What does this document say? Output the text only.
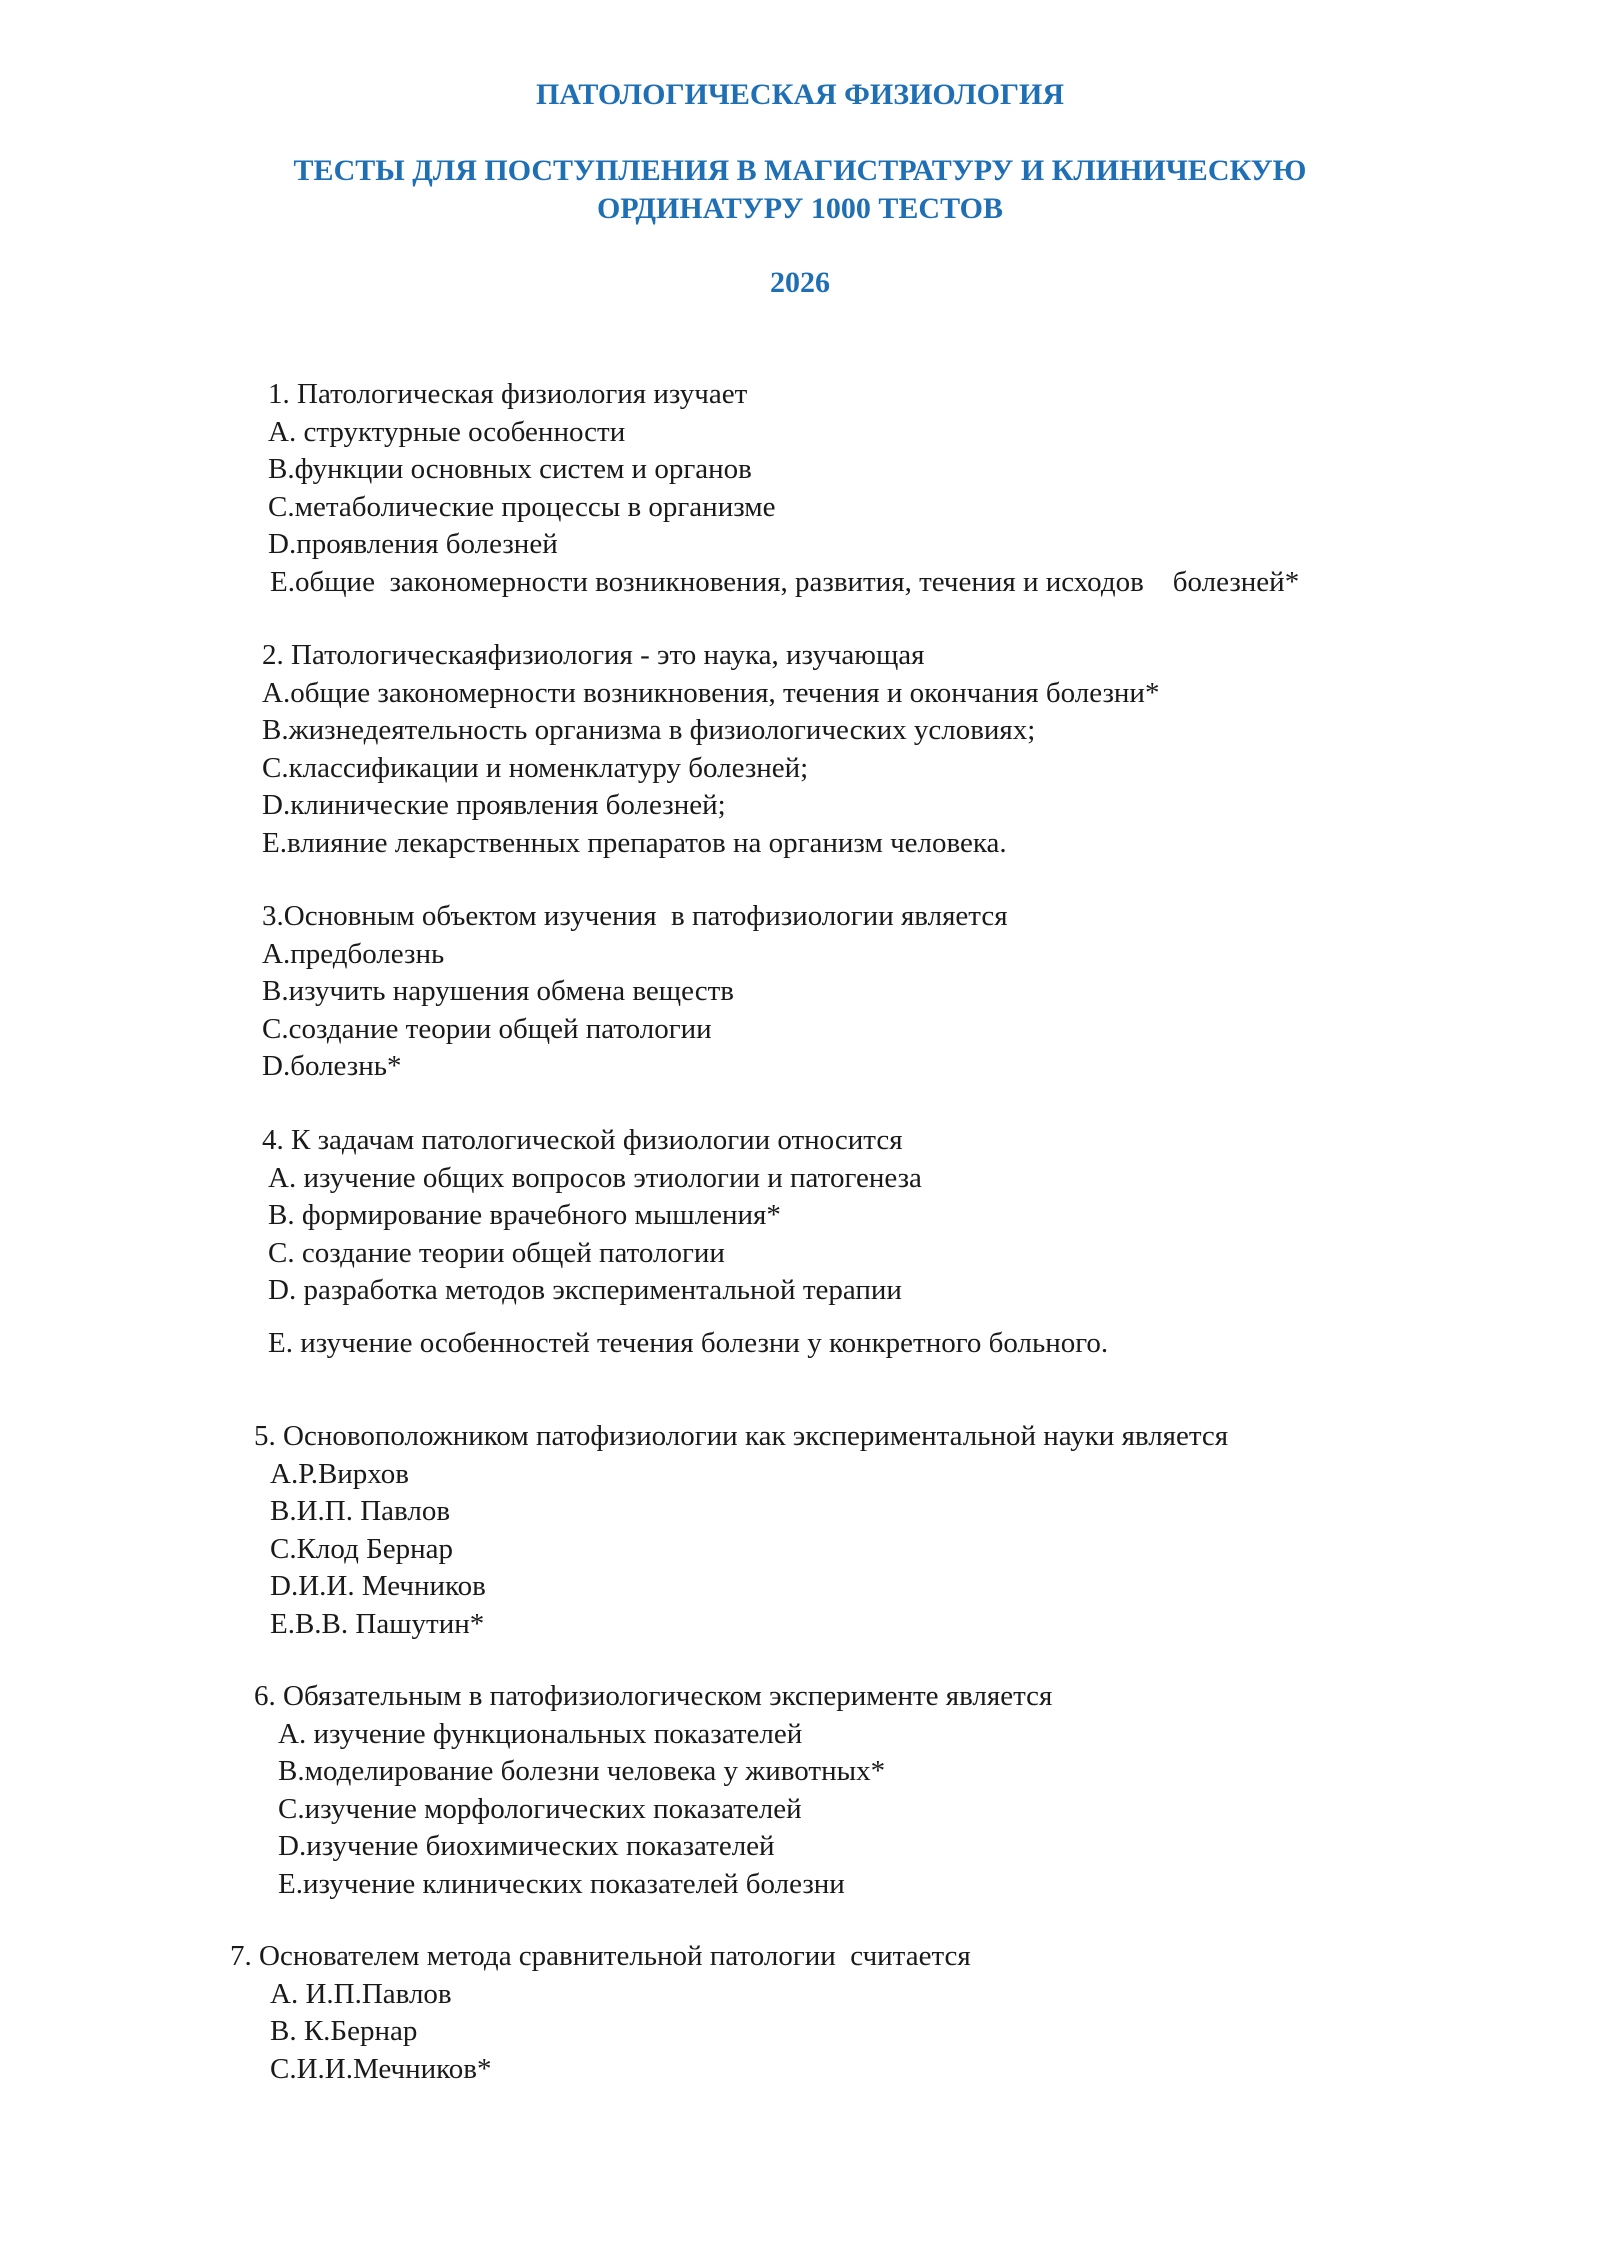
ПАТОЛОГИЧЕСКАЯ ФИЗИОЛОГИЯ
ТЕСТЫ ДЛЯ ПОСТУПЛЕНИЯ В МАГИСТРАТУРУ И КЛИНИЧЕСКУЮ
ОРДИНАТУРУ 1000 ТЕСТОВ
2026
1. Патологическая физиология изучает
A. структурные особенности
B.функции основных систем и органов
C.метаболические процессы в организме
D.проявления болезней
E.общие  закономерности возникновения, развития, течения и исходов    болезней*
2. Патологическаяфизиология - это наука, изучающая
A.общие закономерности возникновения, течения и окончания болезни*
B.жизнедеятельность организма в физиологических условиях;
C.классификации и номенклатуру болезней;
D.клинические проявления болезней;
E.влияние лекарственных препаратов на организм человека.
3.Основным объектом изучения  в патофизиологии является
A.предболезнь
B.изучить нарушения обмена веществ
C.создание теории общей патологии
D.болезнь*
4. К задачам патологической физиологии относится
A. изучение общих вопросов этиологии и патогенеза
B. формирование врачебного мышления*
C. создание теории общей патологии
D. разработка методов экспериментальной терапии
E. изучение особенностей течения болезни у конкретного больного.
5. Основоположником патофизиологии как экспериментальной науки является
A.Р.Вирхов
B.И.П. Павлов
C.Клод Бернар
D.И.И. Мечников
E.В.В. Пашутин*
6. Обязательным в патофизиологическом эксперименте является
A. изучение функциональных показателей
B.моделирование болезни человека у животных*
C.изучение морфологических показателей
D.изучение биохимических показателей
E.изучение клинических показателей болезни
7. Основателем метода сравнительной патологии  считается
A. И.П.Павлов
B. К.Бернар
C.И.И.Мечников*
